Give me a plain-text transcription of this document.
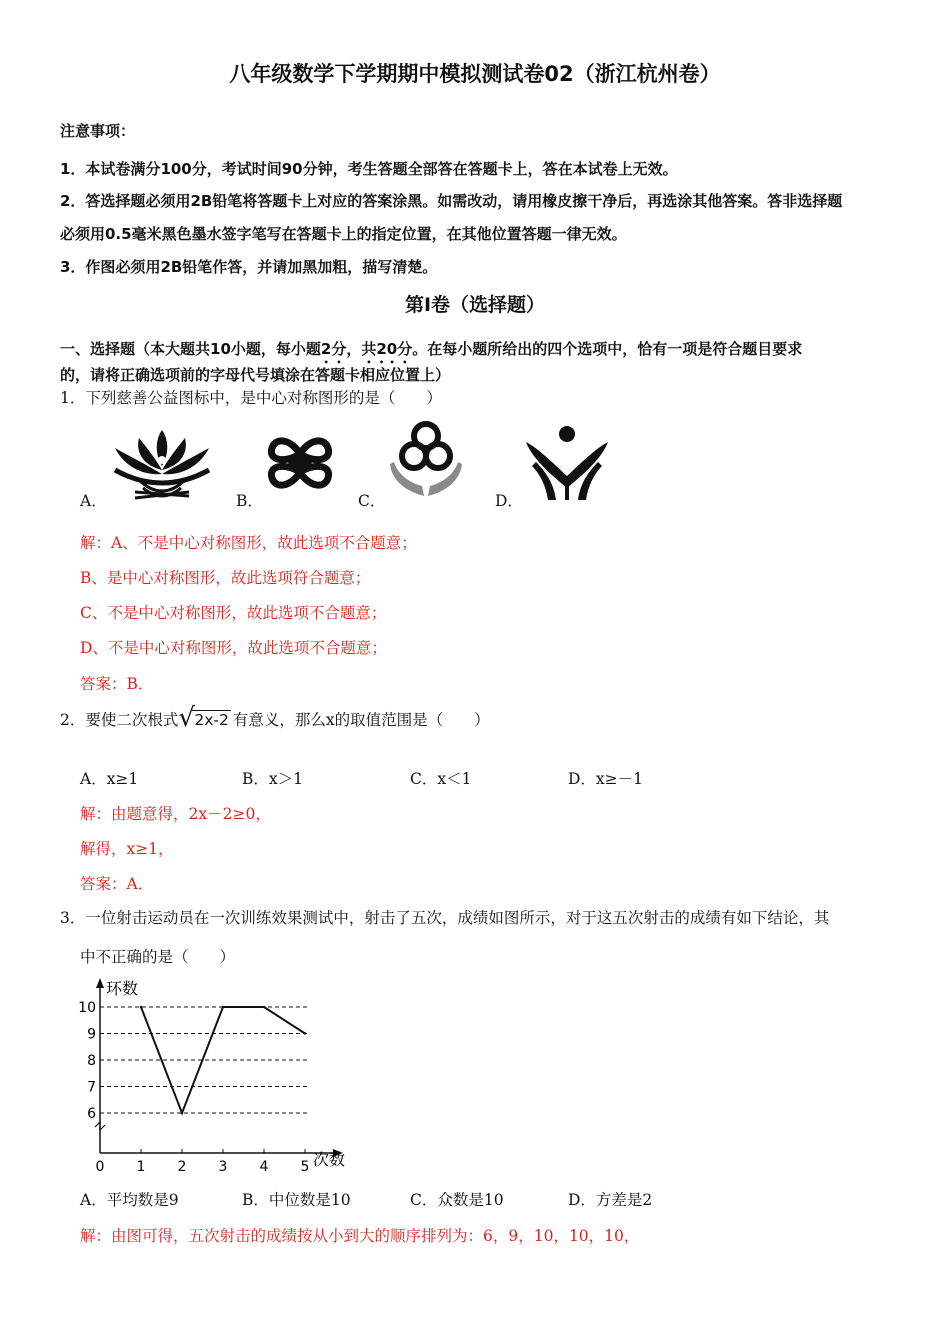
八年级数学下学期期中模拟测试卷02（浙江杭州卷）
注意事项：
1．本试卷满分100分，考试时间90分钟，考生答题全部答在答题卡上，答在本试卷上无效。
2．答选择题必须用2B铅笔将答题卡上对应的答案涂黑。如需改动，请用橡皮擦干净后，再选涂其他答案。答非选择题
必须用0.5毫米黑色墨水签字笔写在答题卡上的指定位置，在其他位置答题一律无效。
3．作图必须用2B铅笔作答，并请加黑加粗，描写清楚。
第Ⅰ卷（选择题）
一、选择题（本大题共10小题，每小题2分，共20分。在每小题所给出的四个选项中，恰有一项是符合题目要求
的，请将正确选项前的字母代号填涂在答题卡相应位置上）
1．下列慈善公益图标中，是中心对称图形的是（　　）
A．	B．	C．	D．
解：A、不是中心对称图形，故此选项不合题意；
B、是中心对称图形，故此选项符合题意；
C、不是中心对称图形，故此选项不合题意；
D、不是中心对称图形，故此选项不合题意；
答案：B．
2．要使二次根式 √ 2x-2 有意义，那么x的取值范围是（　　）
A．x≥1	B．x＞1	C．x＜1	D．x≥－1
解：由题意得，2x－2≥0，
解得，x≥1，
答案：A．
3．一位射击运动员在一次训练效果测试中，射击了五次，成绩如图所示，对于这五次射击的成绩有如下结论，其
中不正确的是（　　）
环数
次数
6
7
8
9
10
0 1 2 3 4 5
A．平均数是9	B．中位数是10	C．众数是10	D．方差是2
解：由图可得，五次射击的成绩按从小到大的顺序排列为：6，9，10，10，10，
